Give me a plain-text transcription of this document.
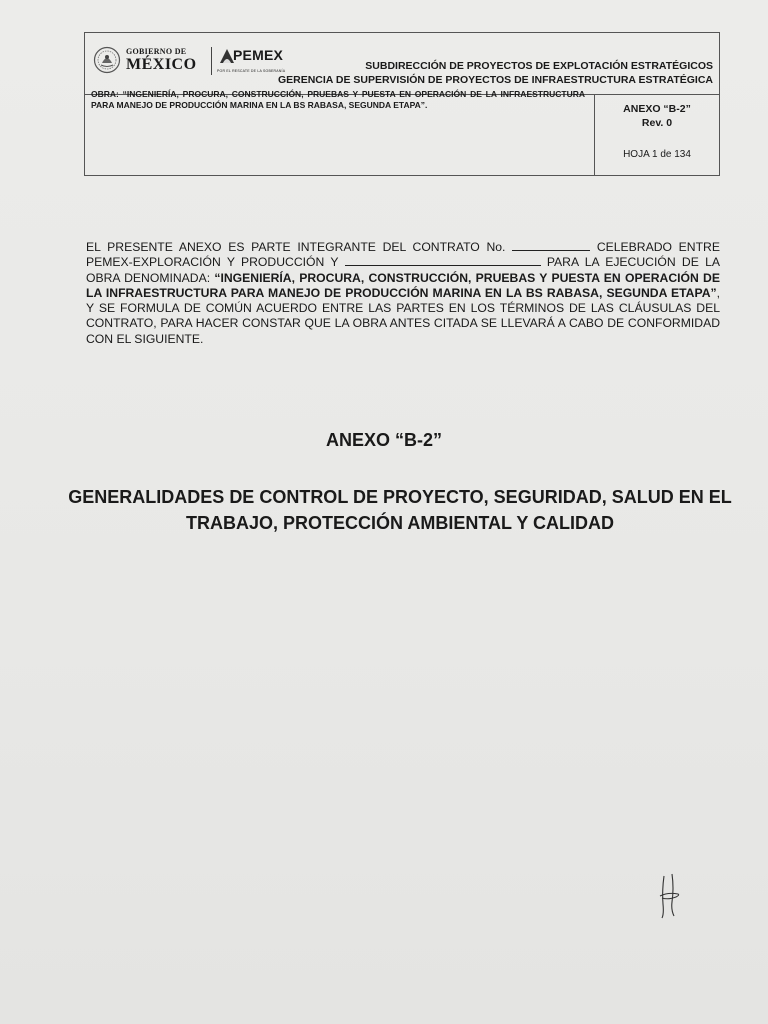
GOBIERNO DE
MÉXICO
PEMEX
POR EL RESCATE DE LA SOBERANÍA	SUBDIRECCIÓN DE PROYECTOS DE EXPLOTACIÓN ESTRATÉGICOS
GERENCIA DE SUPERVISIÓN DE PROYECTOS DE INFRAESTRUCTURA ESTRATÉGICA
OBRA: “INGENIERÍA, PROCURA, CONSTRUCCIÓN, PRUEBAS Y PUESTA EN OPERACIÓN DE LA INFRAESTRUCTURA PARA MANEJO DE PRODUCCIÓN MARINA EN LA BS RABASA, SEGUNDA ETAPA”.	ANEXO “B-2”
Rev. 0
HOJA 1 de 134
EL PRESENTE ANEXO ES PARTE INTEGRANTE DEL CONTRATO No.	CELEBRADO ENTRE PEMEX-EXPLORACIÓN Y PRODUCCIÓN Y	PARA LA EJECUCIÓN DE LA OBRA DENOMINADA: “INGENIERÍA, PROCURA, CONSTRUCCIÓN, PRUEBAS Y PUESTA EN OPERACIÓN DE LA INFRAESTRUCTURA PARA MANEJO DE PRODUCCIÓN MARINA EN LA BS RABASA, SEGUNDA ETAPA”, Y SE FORMULA DE COMÚN ACUERDO ENTRE LAS PARTES EN LOS TÉRMINOS DE LAS CLÁUSULAS DEL CONTRATO, PARA HACER CONSTAR QUE LA OBRA ANTES CITADA SE LLEVARÁ A CABO DE CONFORMIDAD CON EL SIGUIENTE.
ANEXO “B-2”
GENERALIDADES DE CONTROL DE PROYECTO, SEGURIDAD, SALUD EN EL TRABAJO, PROTECCIÓN AMBIENTAL Y CALIDAD
